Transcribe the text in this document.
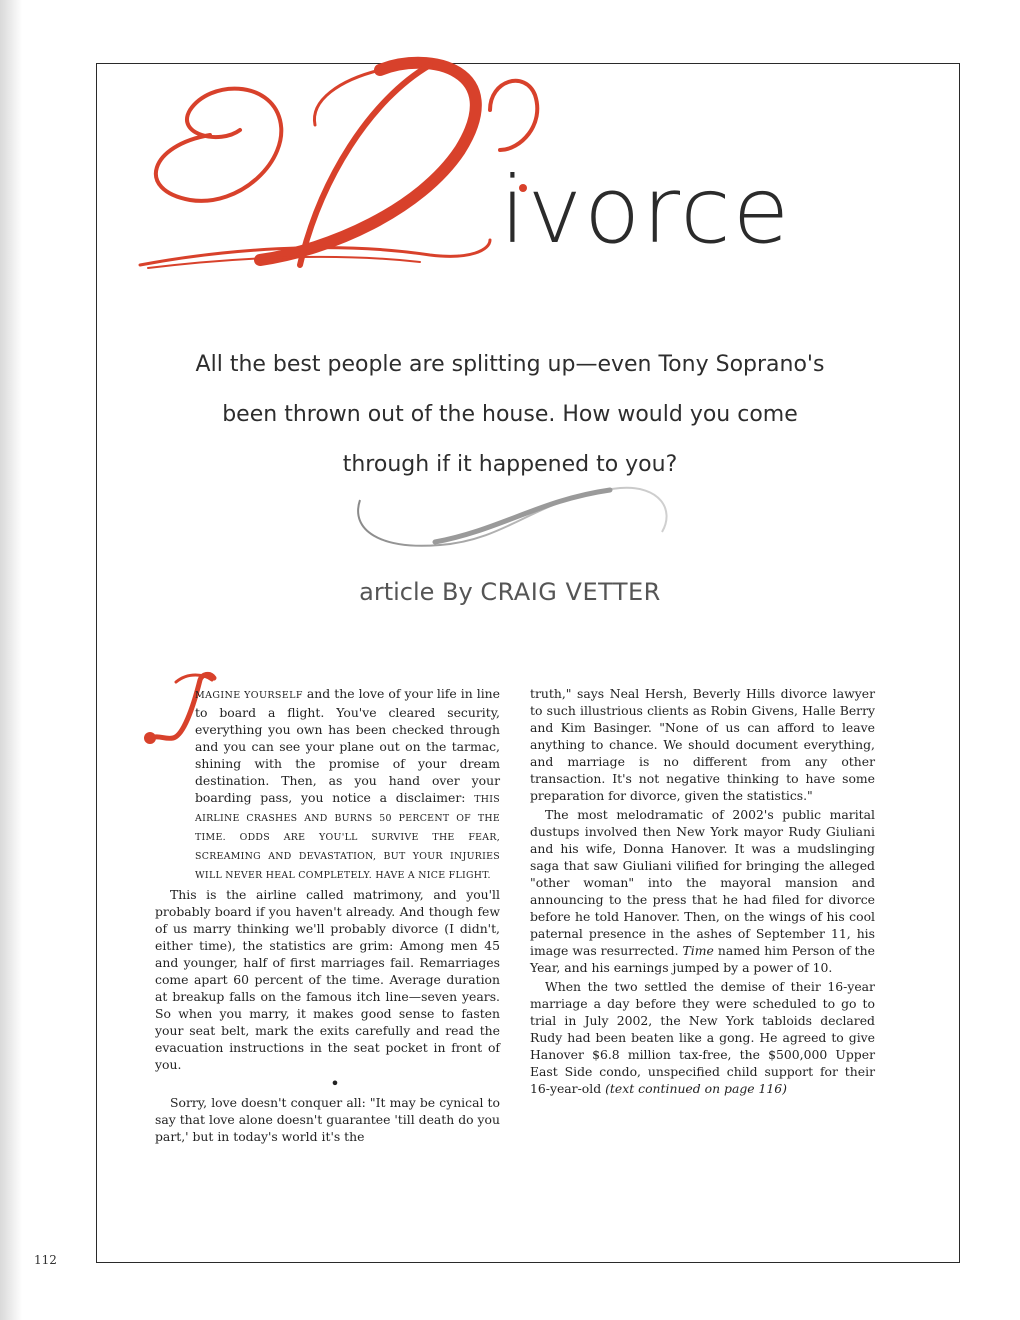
ivorce
All the best people are splitting up—even Tony Soprano's
been thrown out of the house. How would you come
through if it happened to you?
article By CRAIG VETTER

MAGINE YOURSELF and the love of your life in line to board a flight. You've cleared security, everything you own has been checked through and you can see your plane out on the tarmac, shining with the promise of your dream destination. Then, as you hand over your boarding pass, you notice a disclaimer: THIS AIRLINE CRASHES AND BURNS 50 PERCENT OF THE TIME. ODDS ARE YOU'LL SURVIVE THE FEAR, SCREAMING AND DEVASTATION, BUT YOUR INJURIES WILL NEVER HEAL COMPLETELY. HAVE A NICE FLIGHT.

This is the airline called matrimony, and you'll probably board if you haven't already. And though few of us marry thinking we'll probably divorce (I didn't, either time), the statistics are grim: Among men 45 and younger, half of first marriages fail. Remarriages come apart 60 percent of the time. Average duration at breakup falls on the famous itch line—seven years. So when you marry, it makes good sense to fasten your seat belt, mark the exits carefully and read the evacuation instructions in the seat pocket in front of you.

•

Sorry, love doesn't conquer all: "It may be cynical to say that love alone doesn't guarantee 'till death do you part,' but in today's world it's the

truth," says Neal Hersh, Beverly Hills divorce lawyer to such illustrious clients as Robin Givens, Halle Berry and Kim Basinger. "None of us can afford to leave anything to chance. We should document everything, and marriage is no different from any other transaction. It's not negative thinking to have some preparation for divorce, given the statistics."

The most melodramatic of 2002's public marital dustups involved then New York mayor Rudy Giuliani and his wife, Donna Hanover. It was a mudslinging saga that saw Giuliani vilified for bringing the alleged "other woman" into the mayoral mansion and announcing to the press that he had filed for divorce before he told Hanover. Then, on the wings of his cool paternal presence in the ashes of September 11, his image was resurrected. Time named him Person of the Year, and his earnings jumped by a power of 10.

When the two settled the demise of their 16-year marriage a day before they were scheduled to go to trial in July 2002, the New York tabloids declared Rudy had been beaten like a gong. He agreed to give Hanover $6.8 million tax-free, the $500,000 Upper East Side condo, unspecified child support for their 16-year-old (text continued on page 116)

112
